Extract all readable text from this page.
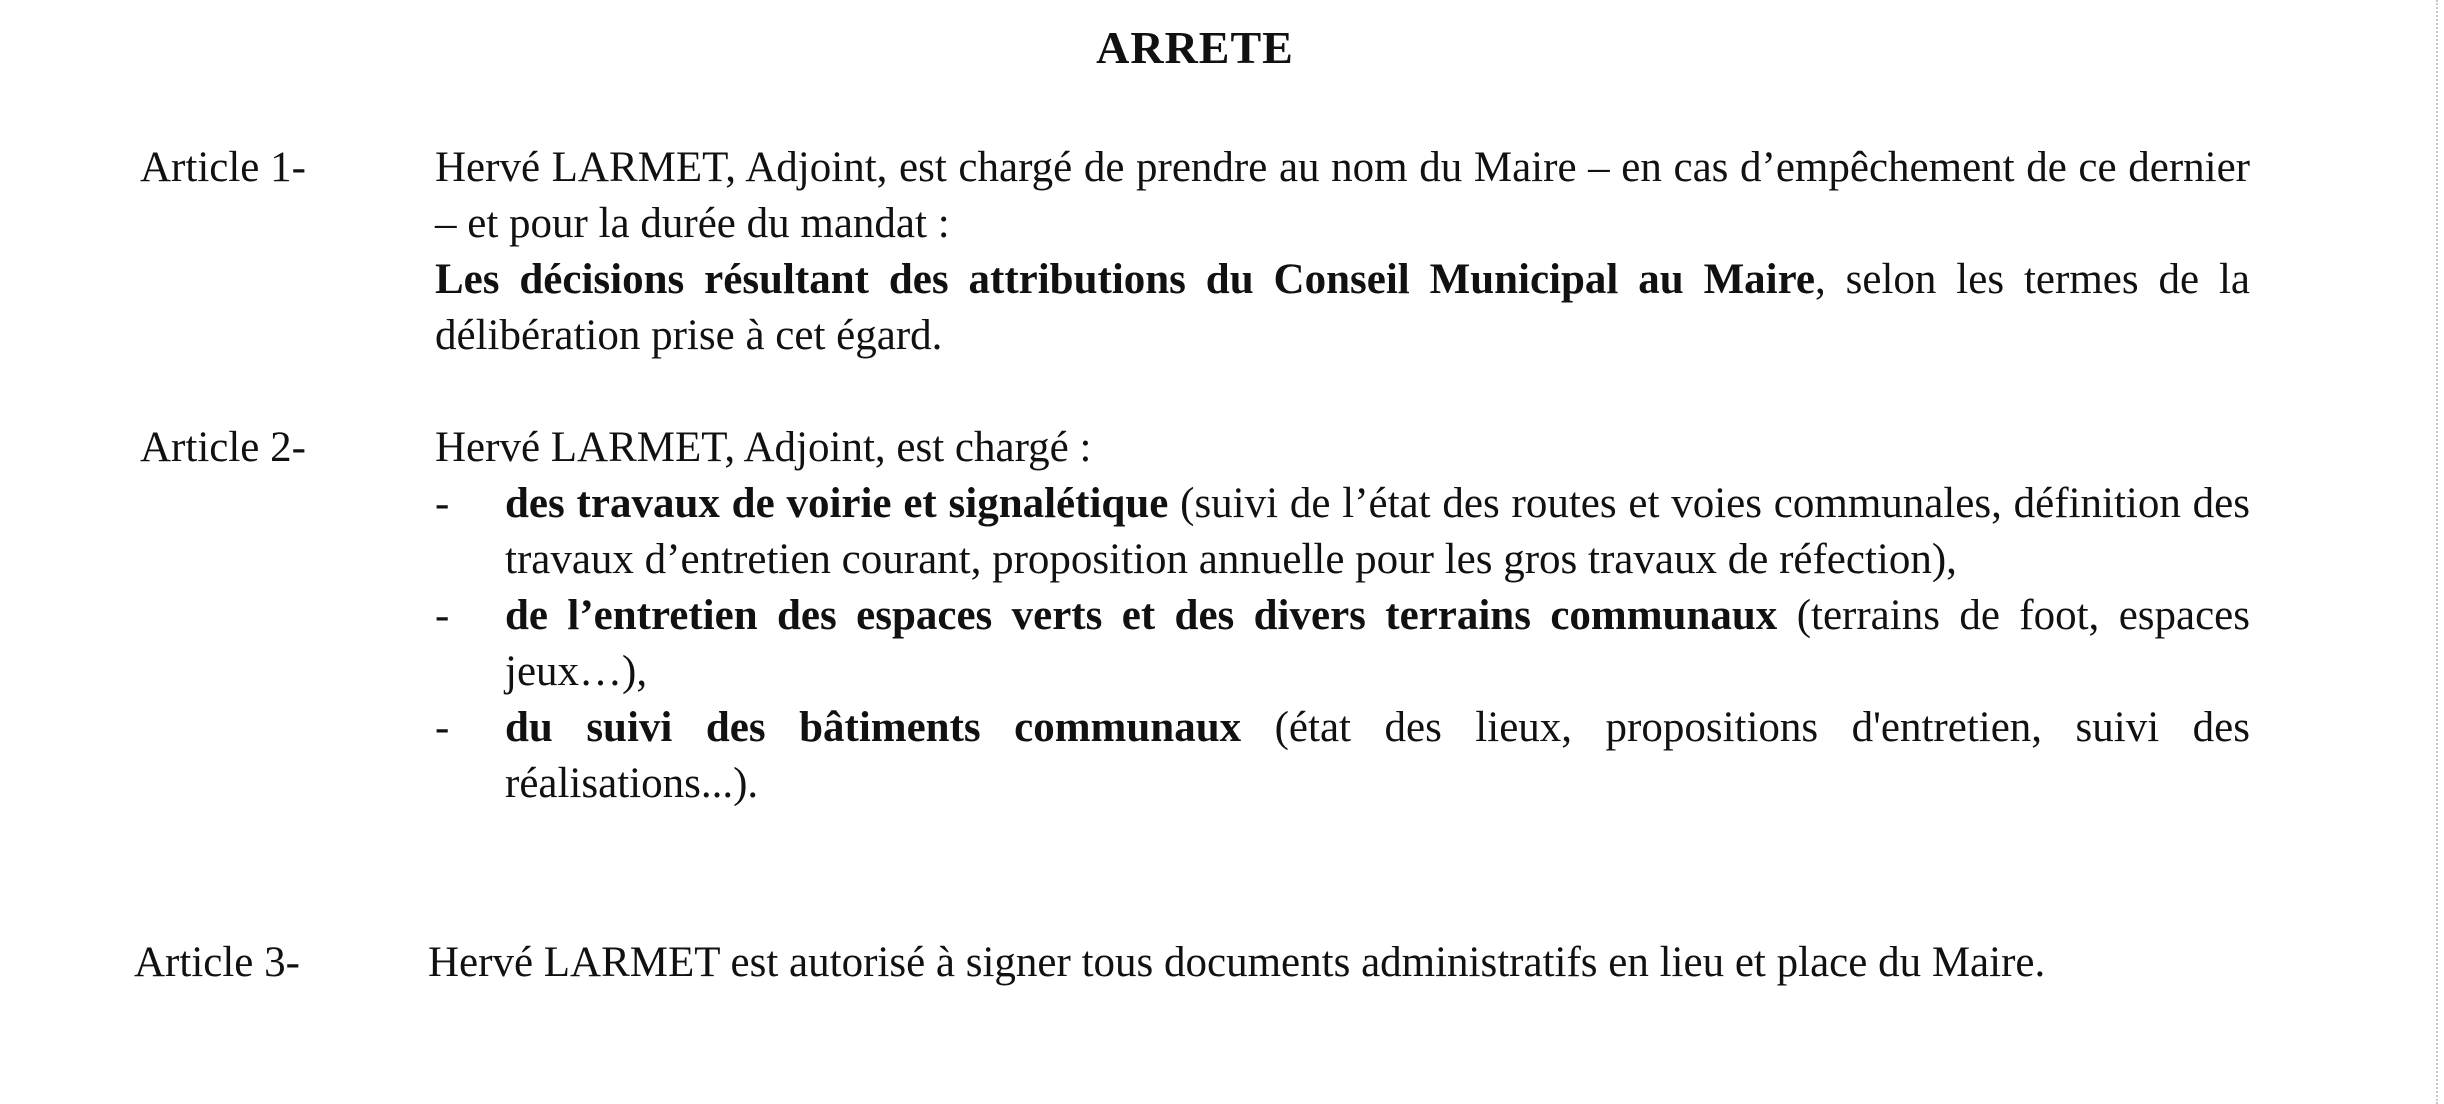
ARRETE
Article 1-	Hervé LARMET, Adjoint, est chargé de prendre au nom du Maire – en cas d’empêchement de ce dernier – et pour la durée du mandat :
Les décisions résultant des attributions du Conseil Municipal au Maire, selon les termes de la délibération prise à cet égard.
Article 2-	Hervé LARMET, Adjoint, est chargé :
- des travaux de voirie et signalétique (suivi de l’état des routes et voies communales, définition des travaux d’entretien courant, proposition annuelle pour les gros travaux de réfection),
- de l’entretien des espaces verts et des divers terrains communaux (terrains de foot, espaces jeux…),
- du suivi des bâtiments communaux (état des lieux, propositions d'entretien, suivi des réalisations...).
Article 3-	Hervé LARMET est autorisé à signer tous documents administratifs en lieu et place du Maire.
